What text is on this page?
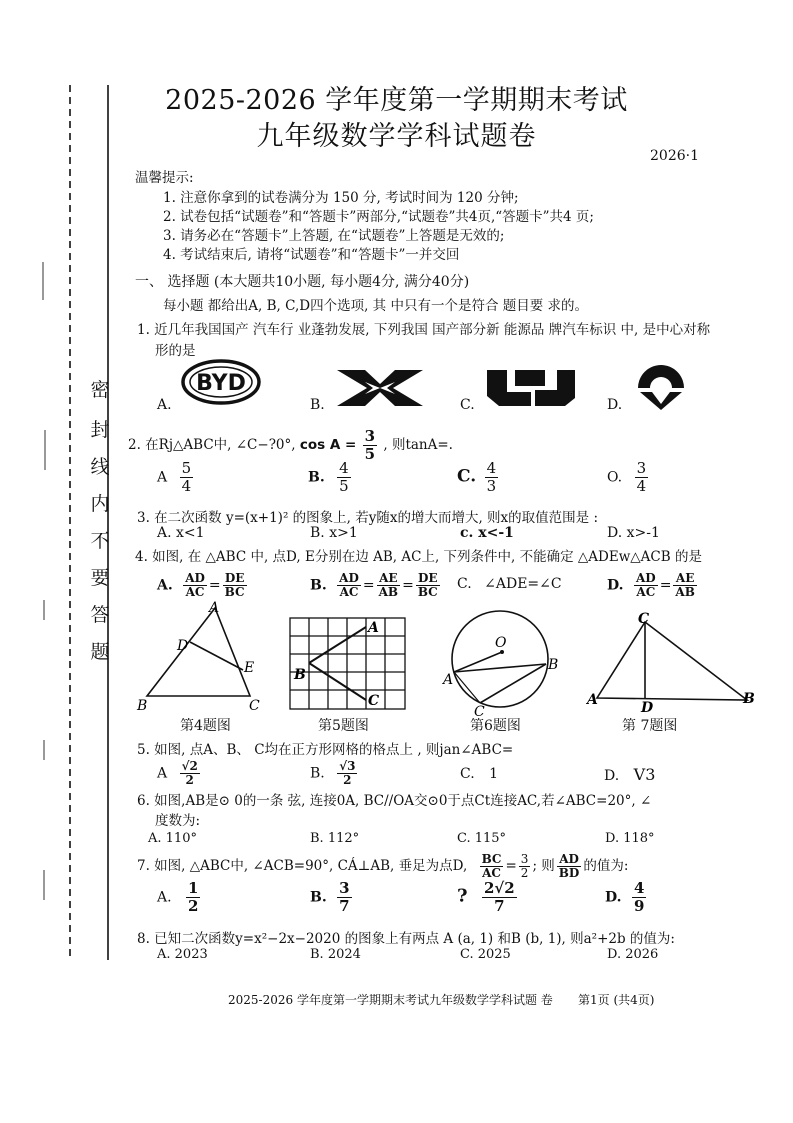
密
封
线
内
不
要
答
题
2025-2026 学年度第一学期期末考试
九年级数学学科试题卷
2026·1
温馨提示:
1. 注意你拿到的试卷满分为 150 分, 考试时间为 120 分钟;
2. 试卷包括“试题卷”和“答题卡”两部分,“试题卷”共4页,“答题卡”共4 页;
3. 请务必在“答题卡”上答题, 在“试题卷”上答题是无效的;
4. 考试结束后, 请将“试题卷”和“答题卡”一并交回
一、 选择题 (本大题共10小题, 每小题4分, 满分40分)
每小题 都给出A, B, C,D四个选项, 其 中只有一个是符合 题目要 求的。
1. 近几年我国国产 汽车行 业蓬勃发展, 下列我国 国产部分新 能源品 牌汽车标识 中, 是中心对称
形的是
A.
BYD
B.	C.	D.
2. 在Rj△ABC中, ∠C−?0°, $\cos A = \frac{3}{5}$ , 则tanA=.
A $\frac{5}{4}$	B. $\frac{4}{5}$	C. $\frac{4}{3}$	O. $\frac{3}{4}$
3. 在二次函数 y=(x+1)² 的图象上, 若y随x的增大而增大, 则x的取值范围是 :
A. x<1	B. x>1	c. x<-1	D. x>-1
4. 如图, 在 △ABC 中, 点D, E分别在边 AB, AC上, 下列条件中, 不能确定 △ADEw△ACB 的是
A. $\frac{AD}{AC} = \frac{DE}{BC}$	B. $\frac{AD}{AC} = \frac{AE}{AB} = \frac{DE}{BC} C$. ∠ADE=∠C	D. $\frac{AD}{AC} = \frac{AE}{AB}$
A
D
E
B	C
第4题图
A
B
C
第5题图
O
A
B
C
第6题图
C
A	D
B
第 7题图
5. 如图, 点A、B、 C均在正方形网格的格点上 , 则jan∠ABC=
A $\frac{√2}{2}$	B. $\frac{√3}{2}$	C. 1	D. V3
6. 如图,AB是⊙ 0的一条 弦, 连接0A, BC//OA交⊙0于点Ct连接AC,若∠ABC=20°, ∠
度数为:
A. 110°	B. 112°	C. 115°	D. 118°
7. 如图, △ABC中, ∠ACB=90°, CÁ⊥AB, 垂足为点D, $\frac{BC}{AC} = \frac{3}{2}$ ; 则 $\frac{AD}{BD}$ 的值为:
A. $\frac{1}{2}$	B. $\frac{3}{7}$	? $\frac{2√2}{7}$	D. $\frac{4}{9}$
8. 已知二次函数y=x²−2x−2020 的图象上有两点 A (a, 1) 和B (b, 1), 则a²+2b 的值为:
A. 2023	B. 2024	C. 2025	D. 2026
2025-2026 学年度第一学期期末考试九年级数学学科试题 卷 第1页 (共4页)
